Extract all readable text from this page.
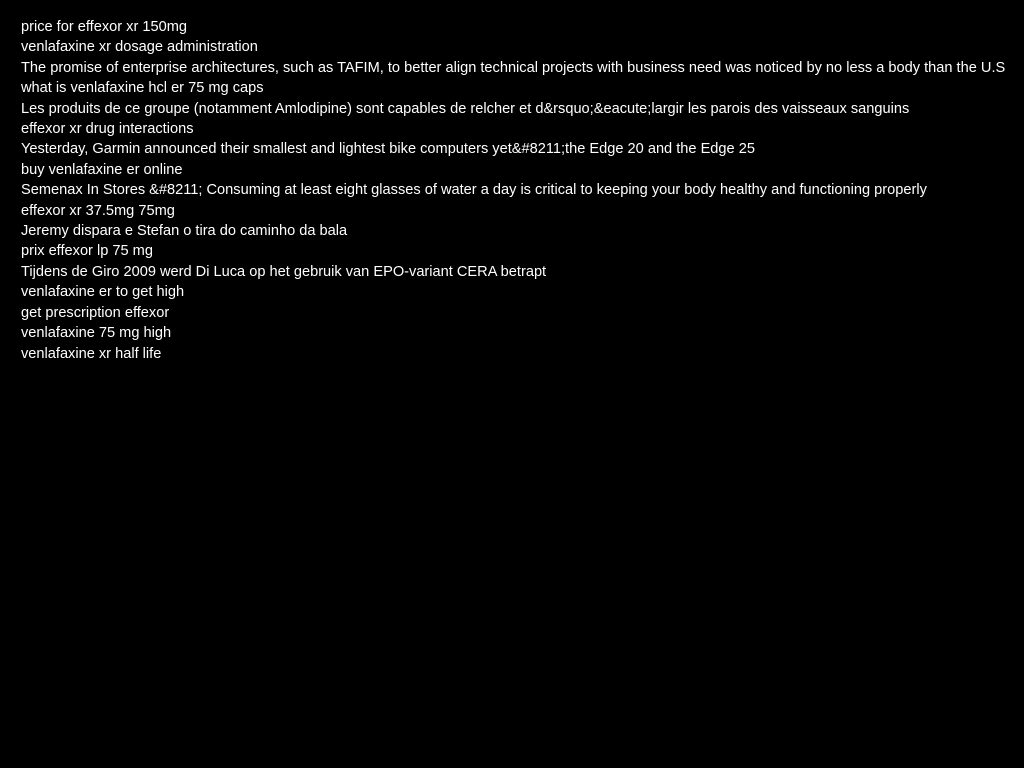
price for effexor xr 150mg

venlafaxine xr dosage administration

The promise of enterprise architectures, such as TAFIM, to better align technical projects with business need was noticed by no less a body than the U.S

what is venlafaxine hcl er 75 mg caps

Les produits de ce groupe (notamment Amlodipine) sont capables de relcher et d&rsquo;&eacute;largir les parois des vaisseaux sanguins

effexor xr drug interactions

Yesterday, Garmin announced their smallest and lightest bike computers yet&#8211;the Edge 20 and the Edge 25

buy venlafaxine er online

Semenax In Stores &#8211; Consuming at least eight glasses of water a day is critical to keeping your body healthy and functioning properly

effexor xr 37.5mg 75mg

Jeremy dispara e Stefan o tira do caminho da bala

prix effexor lp 75 mg

Tijdens de Giro 2009 werd Di Luca op het gebruik van EPO-variant CERA betrapt

venlafaxine er to get high

get prescription effexor

venlafaxine 75 mg high

venlafaxine xr half life
